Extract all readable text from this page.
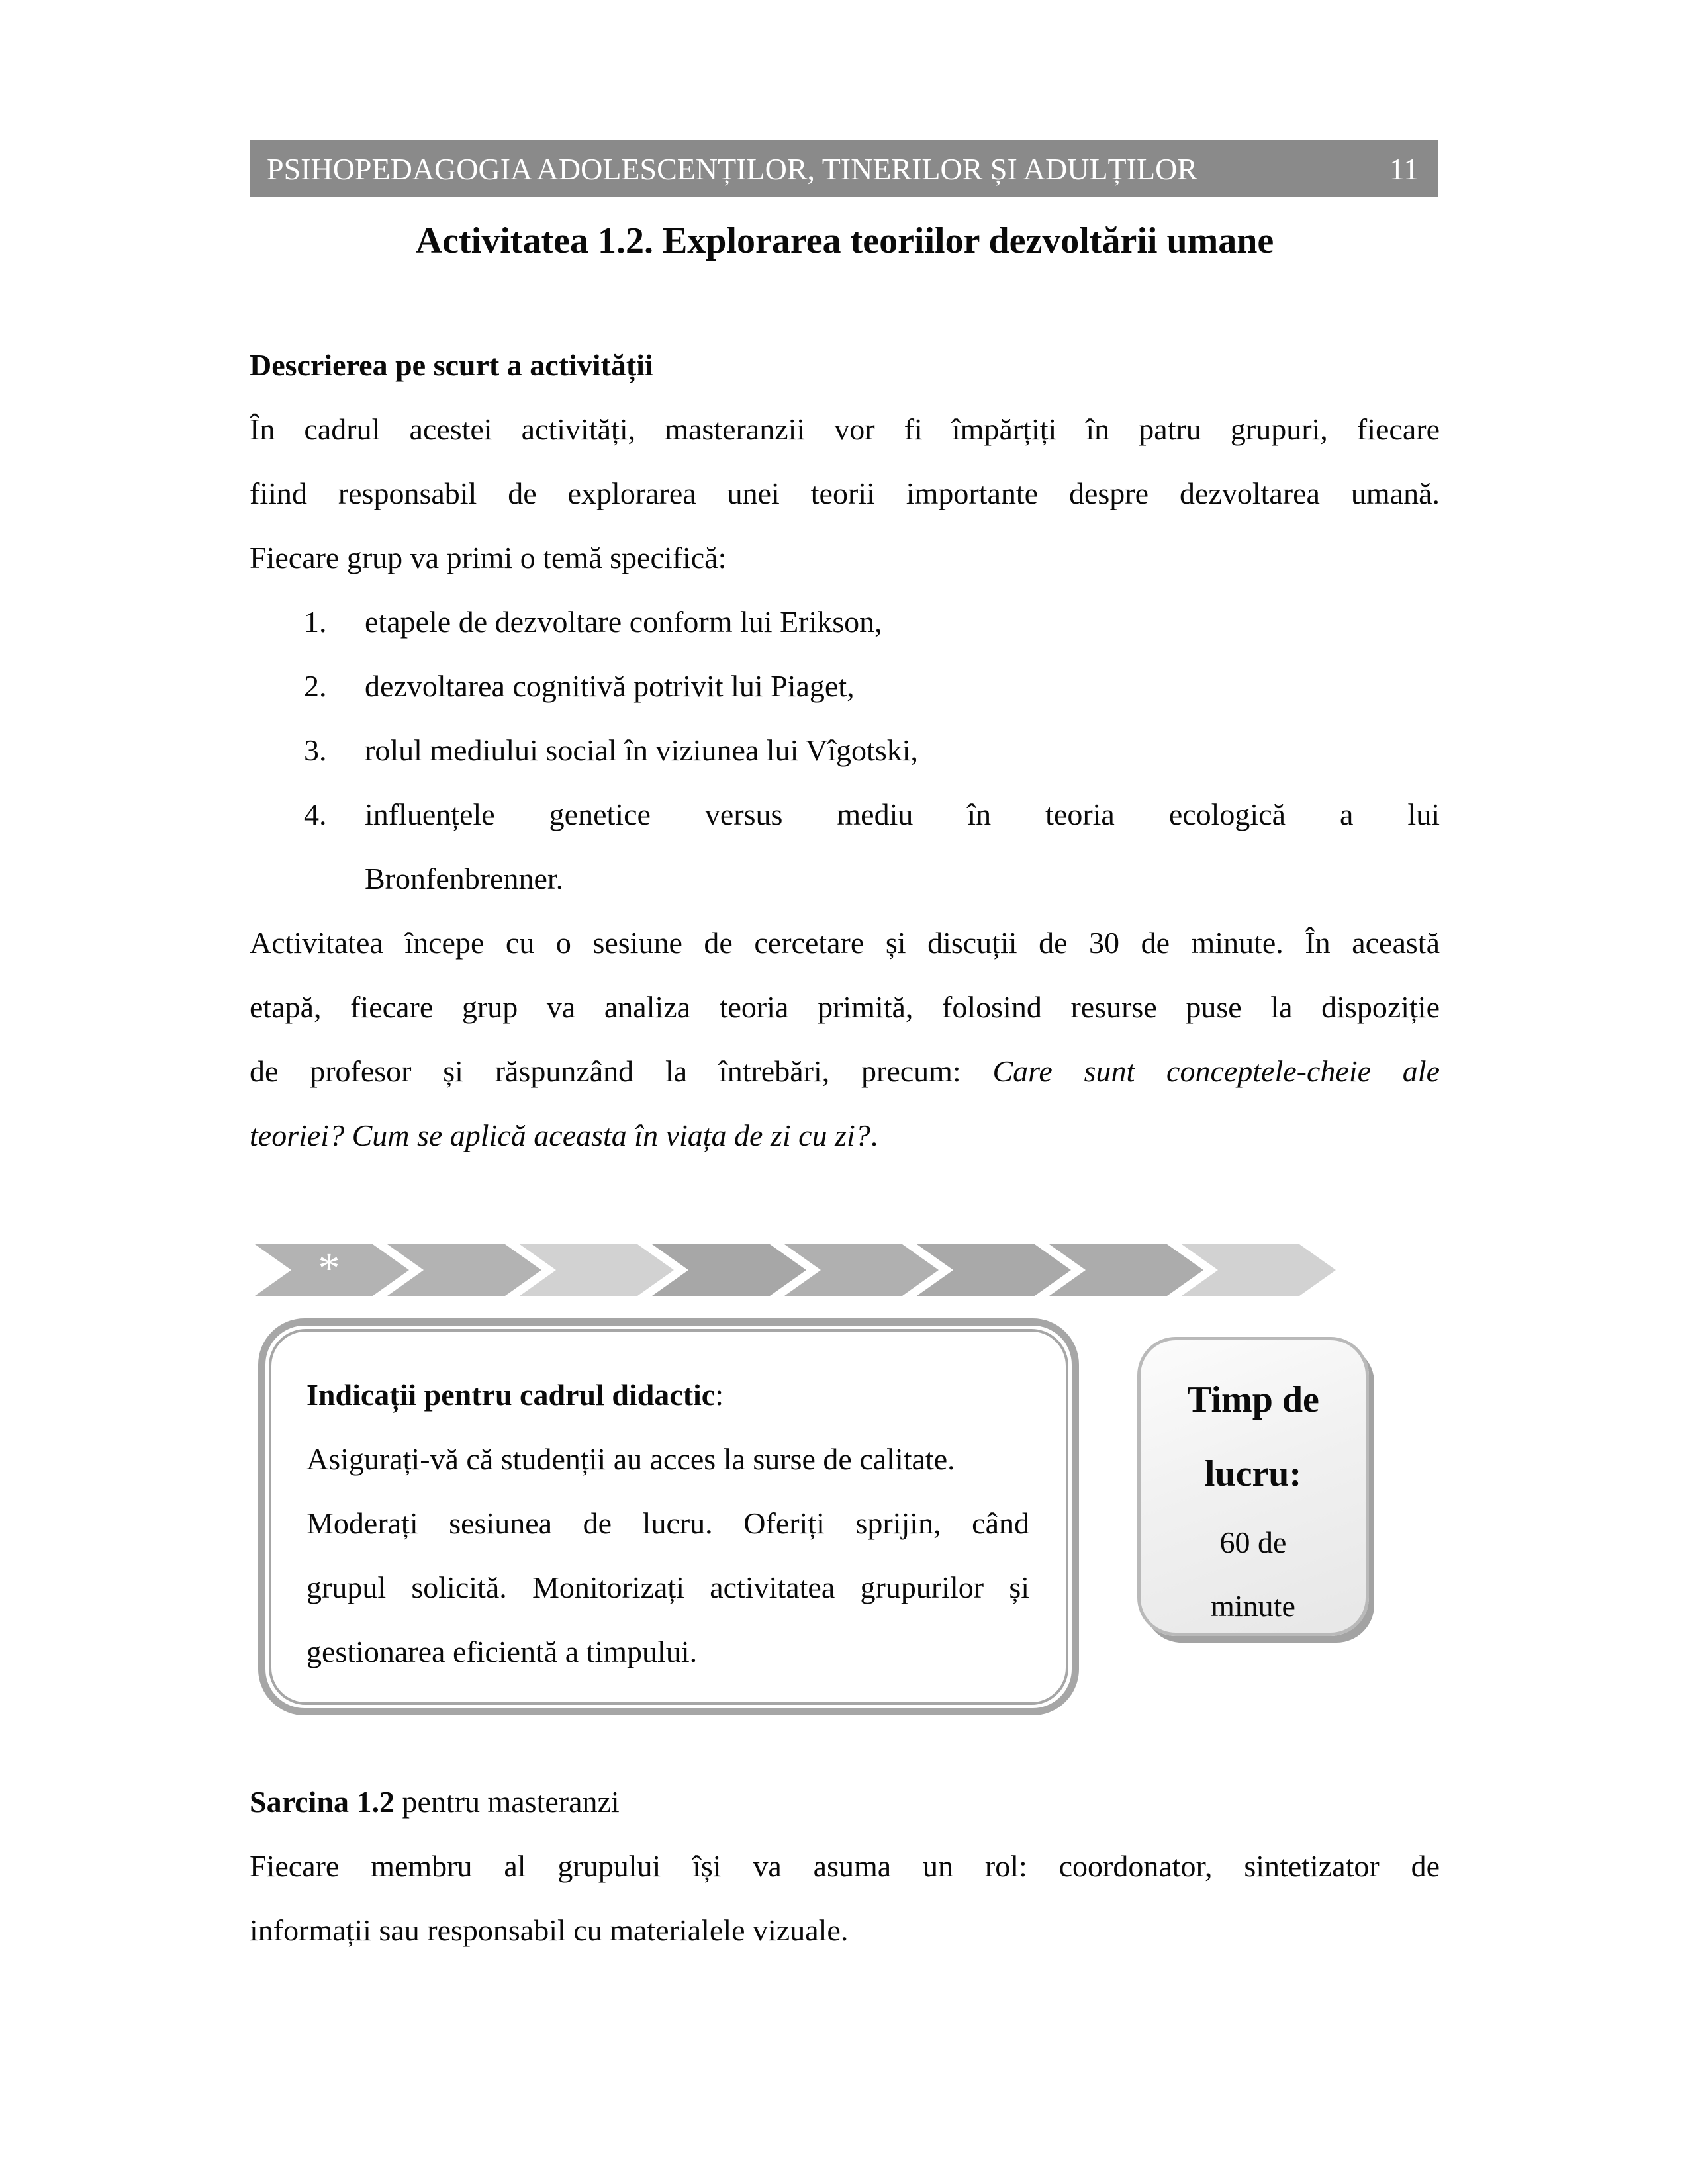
PSIHOPEDAGOGIA ADOLESCENȚILOR, TINERILOR ȘI ADULȚILOR	11
Activitatea 1.2. Explorarea teoriilor dezvoltării umane
Descrierea pe scurt a activității
În cadrul acestei activități, masteranzii vor fi împărțiți în patru grupuri, fiecare
fiind responsabil de explorarea unei teorii importante despre dezvoltarea umană.
Fiecare grup va primi o temă specifică:
1. etapele de dezvoltare conform lui Erikson,
2. dezvoltarea cognitivă potrivit lui Piaget,
3. rolul mediului social în viziunea lui Vîgotski,
4. influențele genetice versus mediu în teoria ecologică a lui
Bronfenbrenner.
Activitatea începe cu o sesiune de cercetare și discuții de 30 de minute. În această
etapă, fiecare grup va analiza teoria primită, folosind resurse puse la dispoziție
de profesor și răspunzând la întrebări, precum: Care sunt conceptele-cheie ale
teoriei? Cum se aplică aceasta în viața de zi cu zi?.
*
Indicații pentru cadrul didactic:
Asigurați-vă că studenții au acces la surse de calitate.
Moderați sesiunea de lucru. Oferiți sprijin, când
grupul solicită. Monitorizați activitatea grupurilor și
gestionarea eficientă a timpului.
Timp de
lucru:
60 de
minute
Sarcina 1.2 pentru masteranzi
Fiecare membru al grupului își va asuma un rol: coordonator, sintetizator de
informații sau responsabil cu materialele vizuale.
